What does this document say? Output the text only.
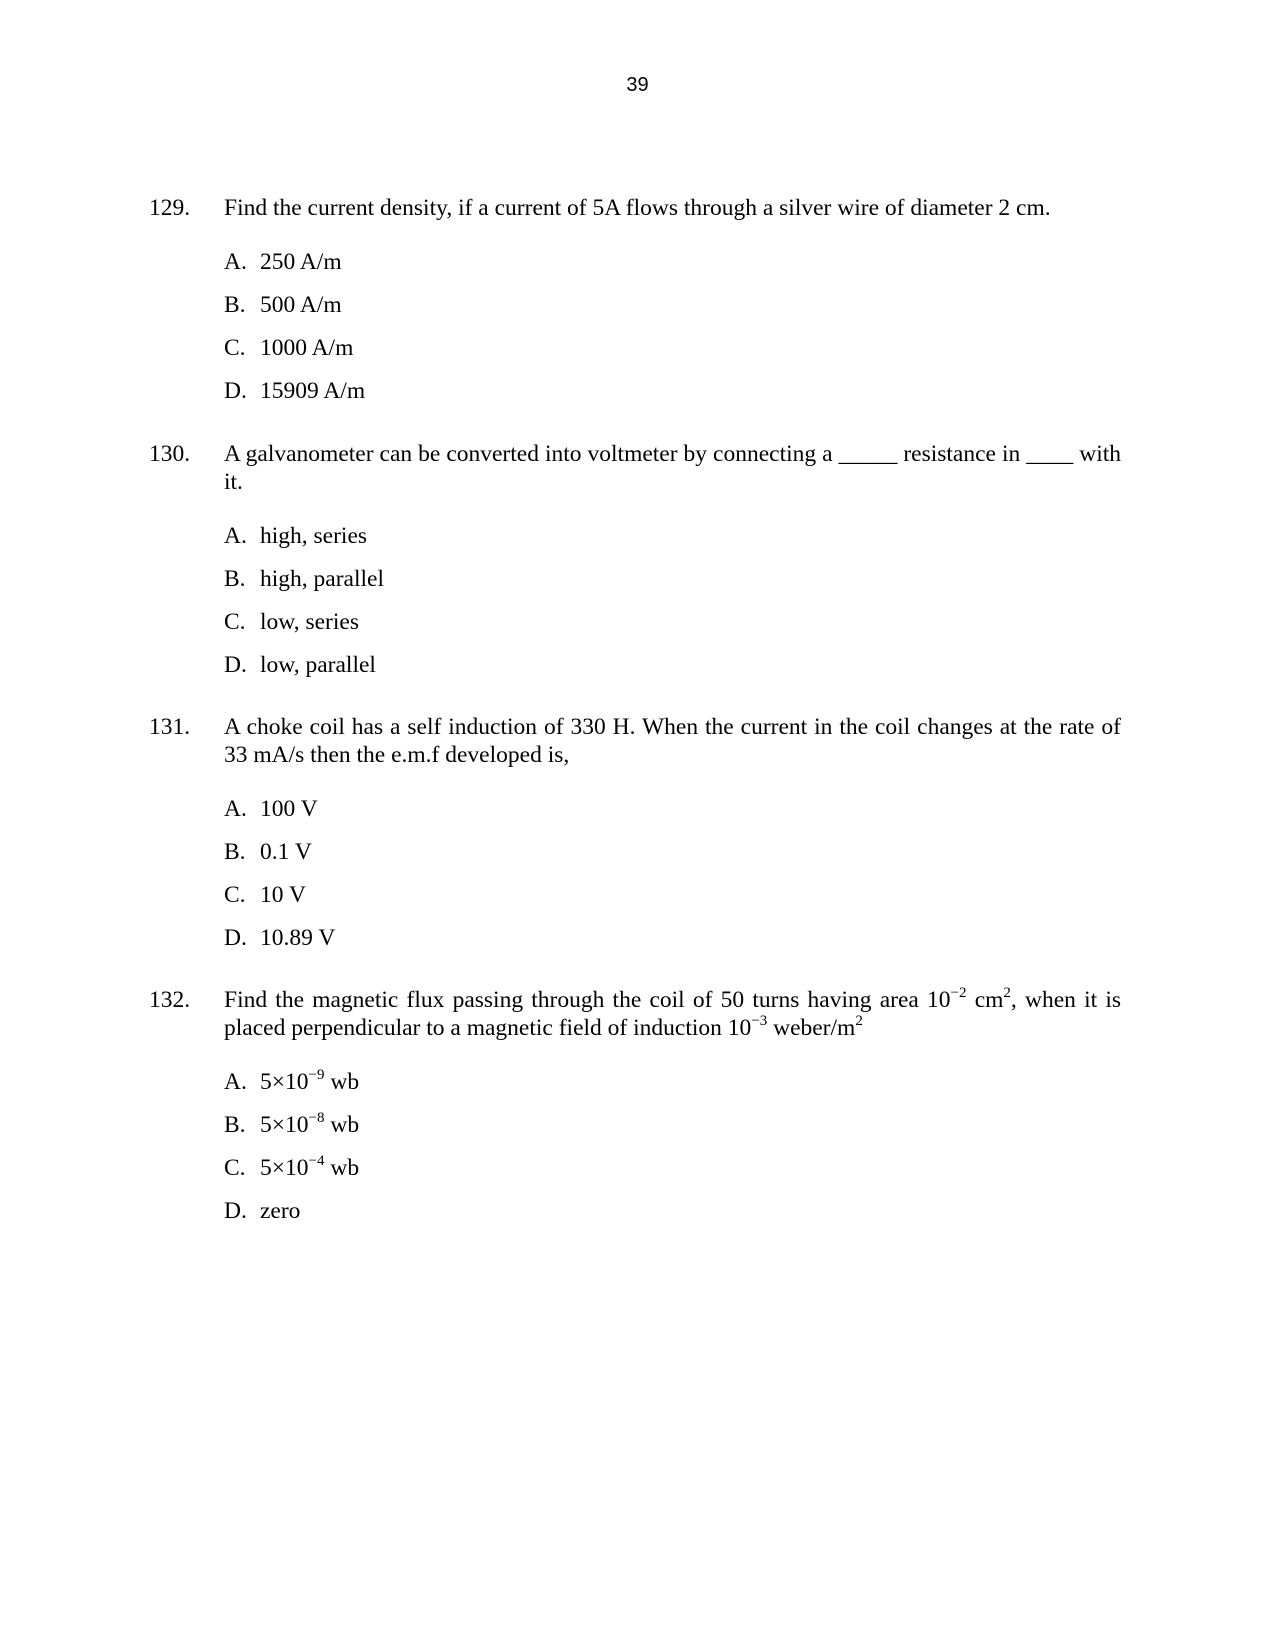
39
129.	Find the current density, if a current of 5A flows through a silver wire of diameter 2 cm.
A. 250 A/m
B. 500 A/m
C. 1000 A/m
D. 15909 A/m
130.	A galvanometer can be converted into voltmeter by connecting a _____ resistance in ____ with it.
A. high, series
B. high, parallel
C. low, series
D. low, parallel
131.	A choke coil has a self induction of 330 H. When the current in the coil changes at the rate of 33 mA/s then the e.m.f developed is,
A. 100 V
B. 0.1 V
C. 10 V
D. 10.89 V
132.	Find the magnetic flux passing through the coil of 50 turns having area $10^{-2}$ $cm^2$, when it is placed perpendicular to a magnetic field of induction $10^{-3}$ weber/$m^2$
A. $5\times 10^{-9}$ wb
B. $5\times 10^{-8}$ wb
C. $5\times 10^{-4}$ wb
D. zero
